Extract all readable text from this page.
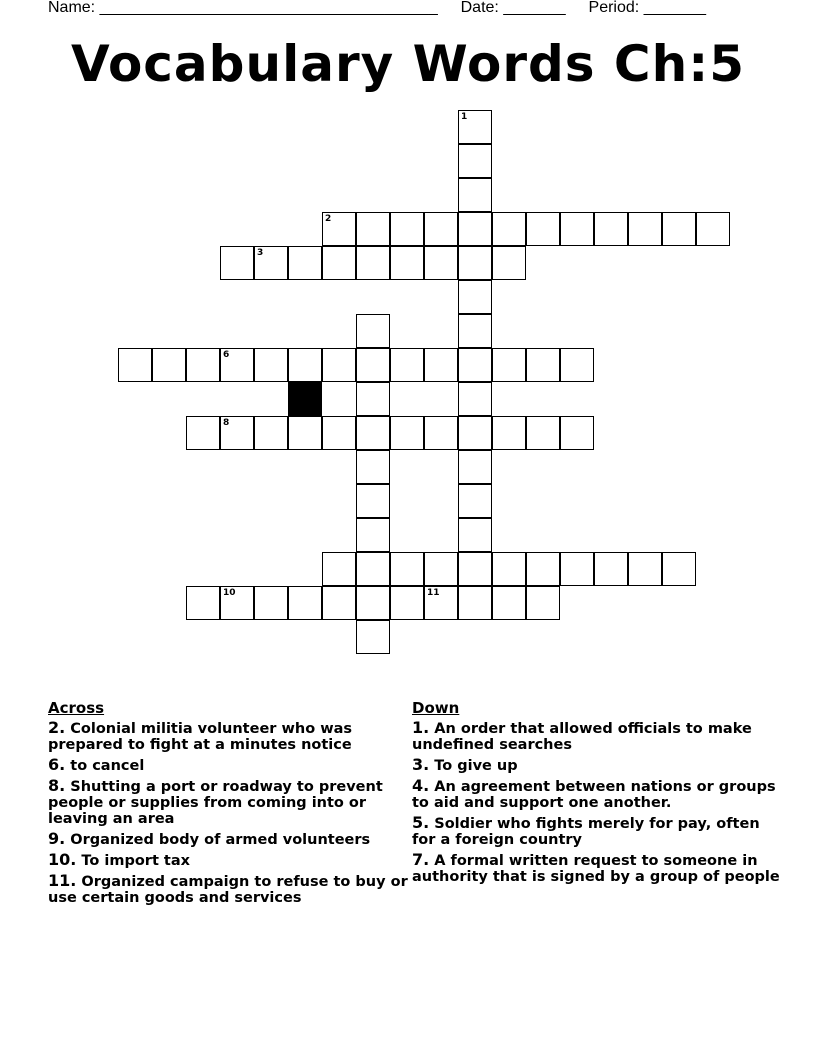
Name: ______________________________________ Date: _______ Period: _______
Vocabulary Words Ch:5
1
2
3
6
8
10	11
Across
2. Colonial militia volunteer who was prepared to fight at a minutes notice
6. to cancel
8. Shutting a port or roadway to prevent people or supplies from coming into or leaving an area
9. Organized body of armed volunteers
10. To import tax
11. Organized campaign to refuse to buy or use certain goods and services
Down
1. An order that allowed officials to make undefined searches
3. To give up
4. An agreement between nations or groups to aid and support one another.
5. Soldier who fights merely for pay, often for a foreign country
7. A formal written request to someone in authority that is signed by a group of people
